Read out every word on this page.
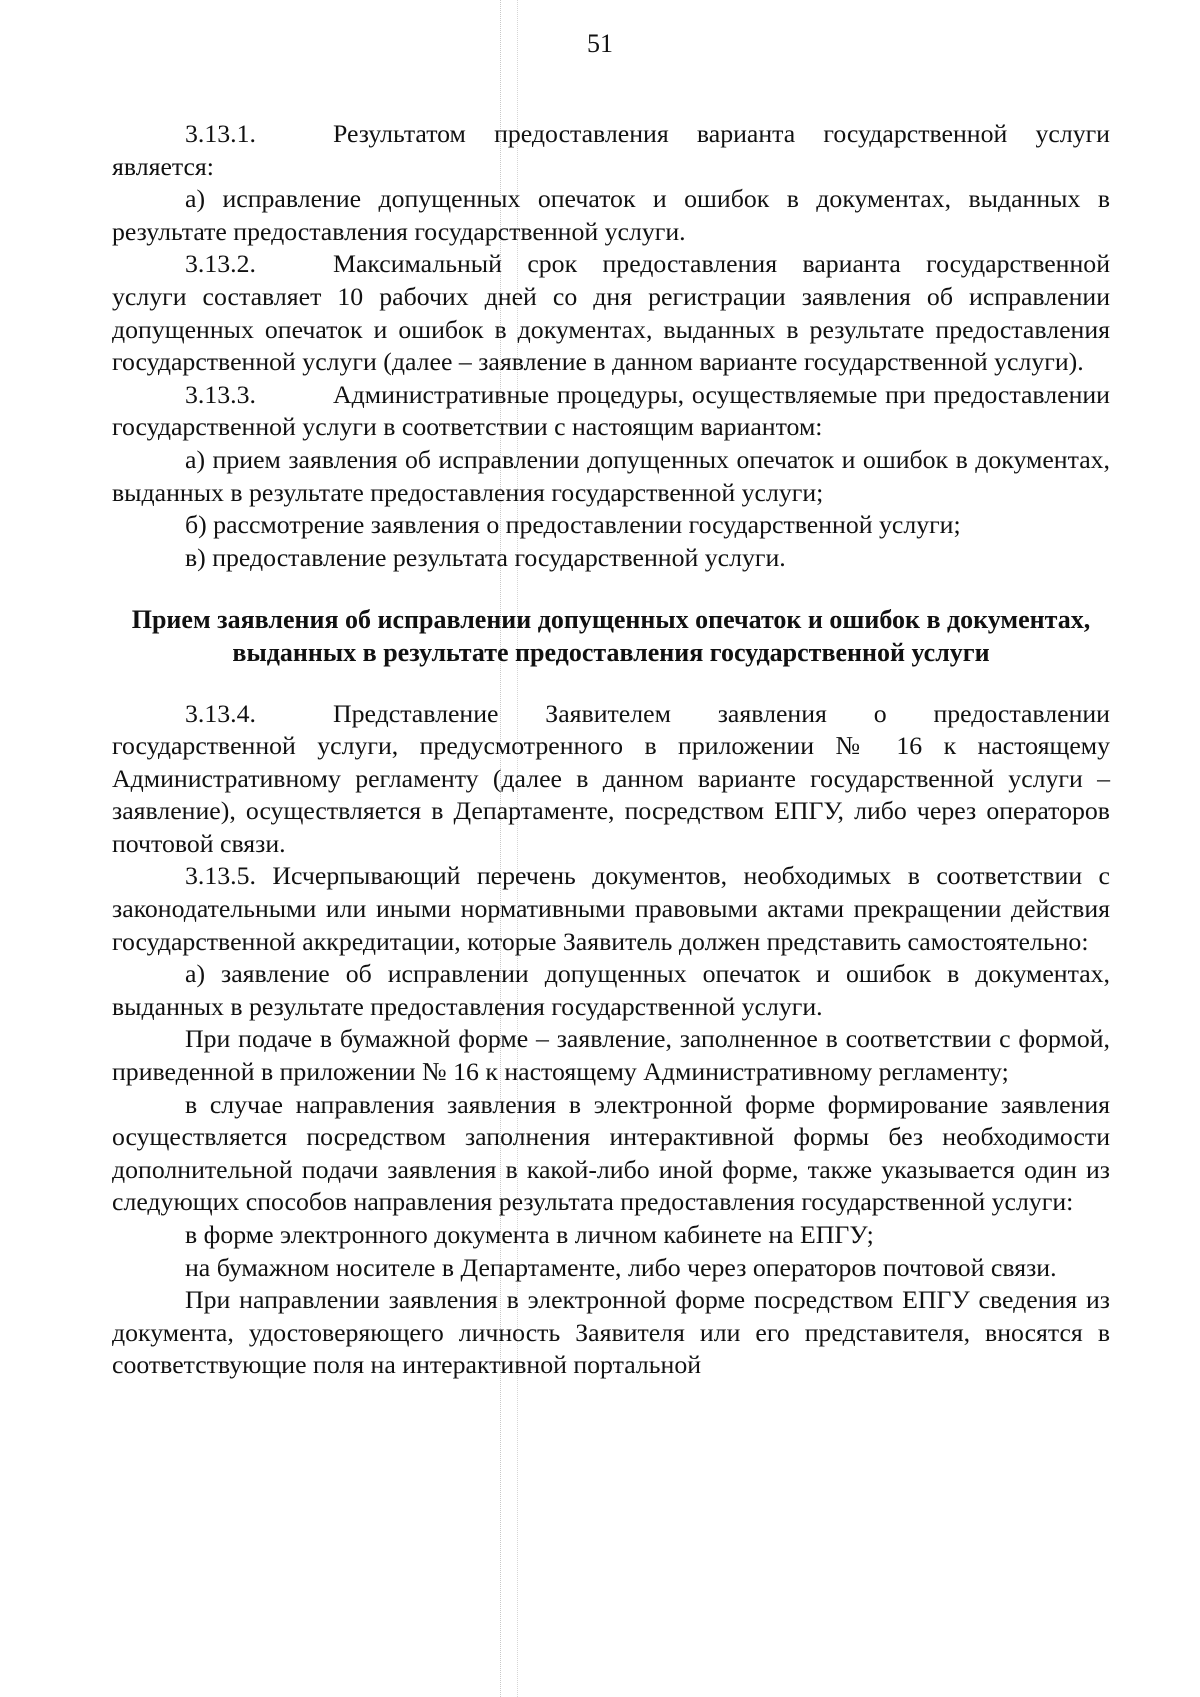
51

3.13.1.	Результатом предоставления варианта государственной услуги является:

а) исправление допущенных опечаток и ошибок в документах, выданных в результате предоставления государственной услуги.

3.13.2.	Максимальный срок предоставления варианта государственной услуги составляет 10 рабочих дней со дня регистрации заявления об исправлении допущенных опечаток и ошибок в документах, выданных в результате предоставления государственной услуги (далее – заявление в данном варианте государственной услуги).

3.13.3.	Административные процедуры, осуществляемые при предоставлении государственной услуги в соответствии с настоящим вариантом:

а) прием заявления об исправлении допущенных опечаток и ошибок в документах, выданных в результате предоставления государственной услуги;

б) рассмотрение заявления о предоставлении государственной услуги;

в) предоставление результата государственной услуги.

Прием заявления об исправлении допущенных опечаток и ошибок в документах, выданных в результате предоставления государственной услуги

3.13.4.	Представление Заявителем заявления о предоставлении государственной услуги, предусмотренного в приложении № 16 к настоящему Административному регламенту (далее в данном варианте государственной услуги – заявление), осуществляется в Департаменте, посредством ЕПГУ, либо через операторов почтовой связи.

3.13.5. Исчерпывающий перечень документов, необходимых в соответствии с законодательными или иными нормативными правовыми актами прекращении действия государственной аккредитации, которые Заявитель должен представить самостоятельно:

а) заявление об исправлении допущенных опечаток и ошибок в документах, выданных в результате предоставления государственной услуги.

При подаче в бумажной форме – заявление, заполненное в соответствии с формой, приведенной в приложении № 16 к настоящему Административному регламенту;

в случае направления заявления в электронной форме формирование заявления осуществляется посредством заполнения интерактивной формы без необходимости дополнительной подачи заявления в какой-либо иной форме, также указывается один из следующих способов направления результата предоставления государственной услуги:

в форме электронного документа в личном кабинете на ЕПГУ;

на бумажном носителе в Департаменте, либо через операторов почтовой связи.

При направлении заявления в электронной форме посредством ЕПГУ сведения из документа, удостоверяющего личность Заявителя или его представителя, вносятся в соответствующие поля на интерактивной портальной
